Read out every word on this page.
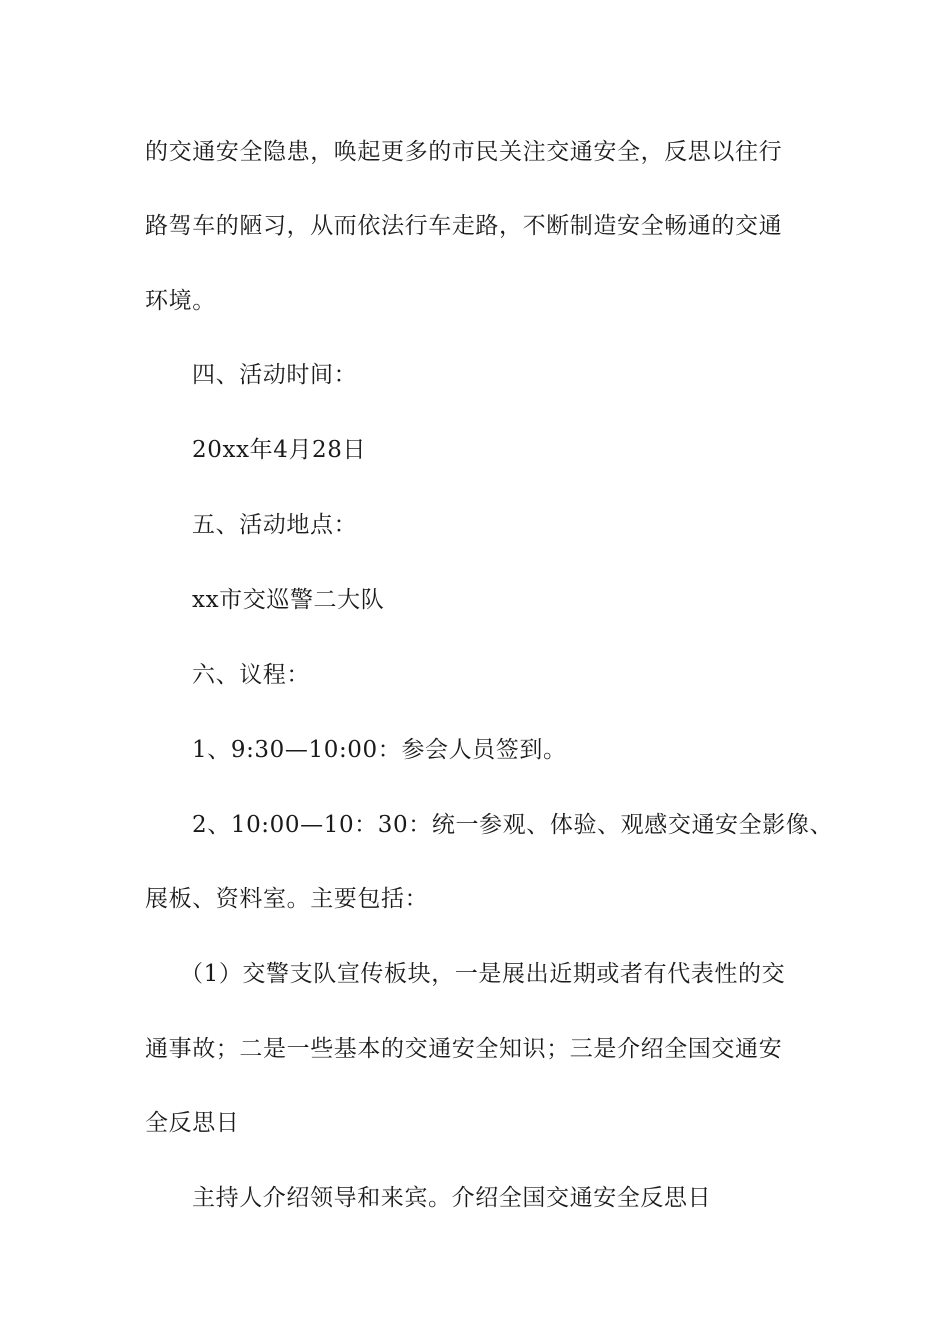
的交通安全隐患，唤起更多的市民关注交通安全，反思以往行
路驾车的陋习，从而依法行车走路，不断制造安全畅通的交通
环境。
四、活动时间：
20xx年4月28日
五、活动地点：
xx市交巡警二大队
六、议程：
1、9:30—10:00：参会人员签到。
2、10:00—10：30：统一参观、体验、观感交通安全影像、
展板、资料室。主要包括：
（1）交警支队宣传板块，一是展出近期或者有代表性的交
通事故；二是一些基本的交通安全知识；三是介绍全国交通安
全反思日
主持人介绍领导和来宾。介绍全国交通安全反思日
